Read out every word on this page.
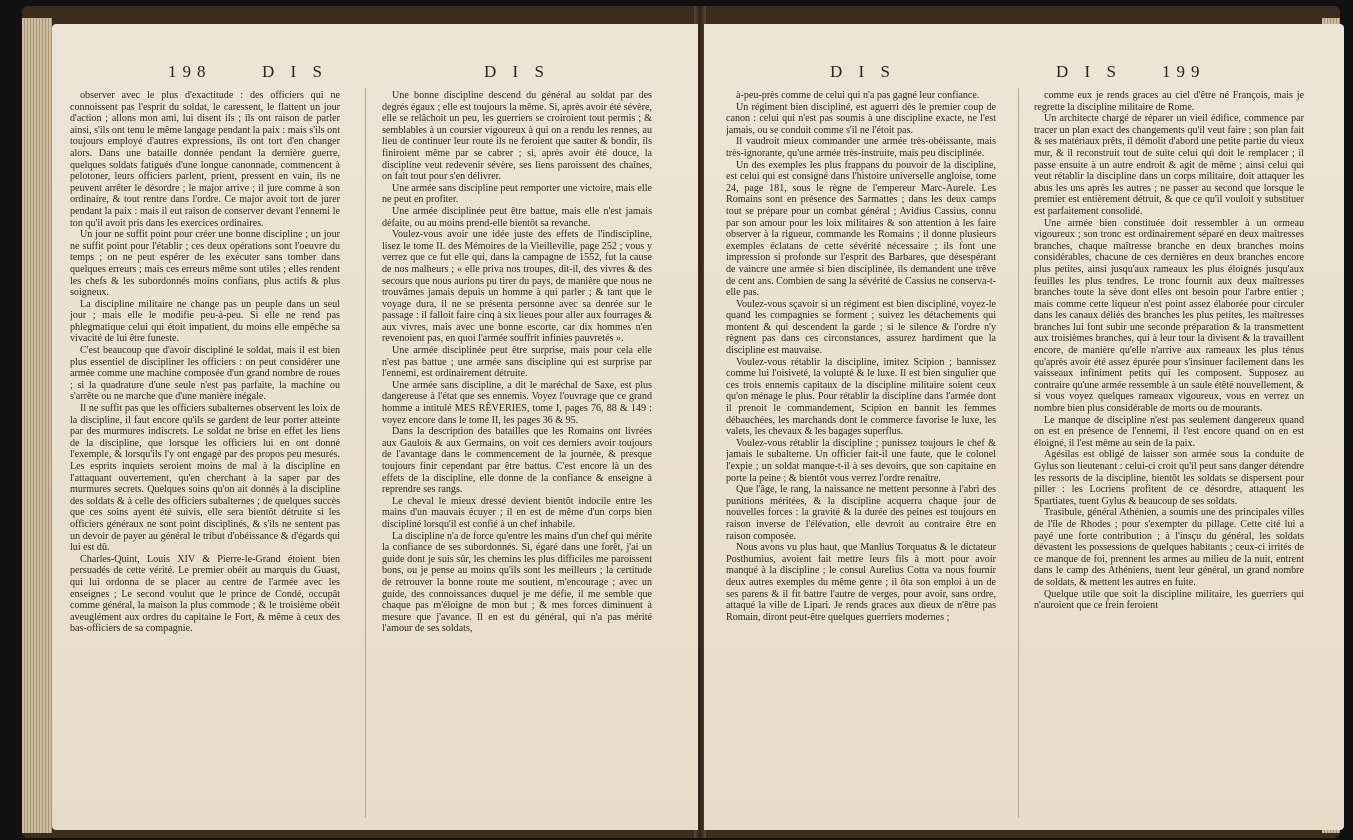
198	D I S	D I S

observer avec le plus d'exactitude : des officiers qui ne connoissent pas l'esprit du soldat, le caressent, le flattent un jour d'action ; allons mon ami, lui disent ils ; ils ont raison de parler ainsi, s'ils ont tenu le même langage pendant la paix : mais s'ils ont toujours employé d'autres expressions, ils ont tort d'en changer alors. Dans une bataille donnée pendant la dernière guerre, quelques soldats fatigués d'une longue canonnade, commencent à pelotoner, leurs officiers parlent, prient, pressent en vain, ils ne peuvent arrêter le désordre ; le major arrive ; il jure comme à son ordinaire, & tout rentre dans l'ordre. Ce major avoit tort de jurer pendant la paix : mais il eut raison de conserver devant l'ennemi le ton qu'il avoit pris dans les exercices ordinaires.

Un jour ne suffit point pour créer une bonne discipline ; un jour ne suffit point pour l'établir ; ces deux opérations sont l'oeuvre du temps ; on ne peut espérer de les exécuter sans tomber dans quelques erreurs ; mais ces erreurs même sont utiles ; elles rendent les chefs & les subordonnés moins confians, plus actifs & plus soigneux.

La discipline militaire ne change pas un peuple dans un seul jour ; mais elle le modifie peu-à-peu. Si elle ne rend pas phlegmatique celui qui étoit impatient, du moins elle empêche sa vivacité de lui être funeste.

C'est beaucoup que d'avoir discipliné le soldat, mais il est bien plus essentiel de discipliner les officiers : on peut considérer une armée comme une machine composée d'un grand nombre de roues ; si la quadrature d'une seule n'est pas parfaite, la machine ou s'arrête ou ne marche que d'une manière inégale.

Il ne suffit pas que les officiers subalternes observent les loix de la discipline, il faut encore qu'ils se gardent de leur porter atteinte par des murmures indiscrets. Le soldat ne brise en effet les liens de la discipline, que lorsque les officiers lui en ont donné l'exemple, & lorsqu'ils l'y ont engagé par des propos peu mesurés. Les esprits inquiets seroient moins de mal à la discipline en l'attaquant ouvertement, qu'en cherchant à la saper par des murmures secrets. Quelques soins qu'on ait donnés à la discipline des soldats & à celle des officiers subalternes ; de quelques succès que ces soins ayent été suivis, elle sera bientôt détruite si les officiers généraux ne sont point disciplinés, & s'ils ne sentent pas un devoir de payer au général le tribut d'obéissance & d'égards qui lui est dû.

Charles-Quint, Louis XIV & Pierre-le-Grand étoient bien persuadés de cette vérité. Le premier obéit au marquis du Guast, qui lui ordonna de se placer au centre de l'armée avec les enseignes ; Le second voulut que le prince de Condé, occupât comme général, la maison la plus commode ; & le troisième obéit aveuglément aux ordres du capitaine le Fort, & même à ceux des bas-officiers de sa compagnie.

Une bonne discipline descend du général au soldat par des degrés égaux ; elle est toujours la même. Si, après avoir été sévère, elle se relâchoit un peu, les guerriers se croiroient tout permis ; & semblables à un coursier vigoureux à qui on a rendu les rennes, au lieu de continuer leur route ils ne feroient que sauter & bondir, ils finiroient même par se cabrer ; si, après avoir été douce, la discipline veut redevenir sévère, ses liens paroissent des chaînes, on fait tout pour s'en délivrer.

Une armée sans discipline peut remporter une victoire, mais elle ne peut en profiter.

Une armée disciplinée peut être battue, mais elle n'est jamais défaite, ou au moins prend-elle bientôt sa revanche.

Voulez-vous avoir une idée juste des effets de l'indiscipline, lisez le tome II. des Mémoires de la Vieilleville, page 252 ; vous y verrez que ce fut elle qui, dans la campagne de 1552, fut la cause de nos malheurs ; « elle priva nos troupes, dit-il, des vivres & des secours que nous aurions pu tirer du pays, de manière que nous ne trouvâmes jamais depuis un homme à qui parler ; & tant que le voyage dura, il ne se présenta personne avec sa denrée sur le passage : il falloit faire cinq à six lieues pour aller aux fourrages & aux vivres, mais avec une bonne escorte, car dix hommes n'en revenoient pas, en quoi l'armée souffrit infinies pauvretés ».

Une armée disciplinée peut être surprise, mais pour cela elle n'est pas battue ; une armée sans discipline qui est surprise par l'ennemi, est ordinairement détruite.

Une armée sans discipline, a dit le maréchal de Saxe, est plus dangereuse à l'état que ses ennemis. Voyez l'ouvrage que ce grand homme a intitulé MES RÊVERIES, tome I, pages 76, 88 & 149 : voyez encore dans le tome II, les pages 36 & 95.

Dans la description des batailles que les Romains ont livrées aux Gaulois & aux Germains, on voit ces derniers avoir toujours de l'avantage dans le commencement de la journée, & presque toujours finir cependant par être battus. C'est encore là un des effets de la discipline, elle donne de la confiance & enseigne à reprendre ses rangs.

Le cheval le mieux dressé devient bientôt indocile entre les mains d'un mauvais écuyer ; il en est de même d'un corps bien discipliné lorsqu'il est confié à un chef inhabile.

La discipline n'a de force qu'entre les mains d'un chef qui mérite la confiance de ses subordonnés. Si, égaré dans une forêt, j'ai un guide dont je suis sûr, les chemins les plus difficiles me paroissent bons, ou je pense au moins qu'ils sont les meilleurs ; la certitude de retrouver la bonne route me soutient, m'encourage ; avec un guide, des connoissances duquel je me défie, il me semble que chaque pas m'éloigne de mon but ; & mes forces diminuent à mesure que j'avance. Il en est du général, qui n'a pas mérité l'amour de ses soldats,

D I S	D I S 199

à-peu-près comme de celui qui n'a pas gagné leur confiance.

Un régiment bien discipliné, est aguerri dès le premier coup de canon : celui qui n'est pas soumis à une discipline exacte, ne l'est jamais, ou se conduit comme s'il ne l'étoit pas.

Il vaudroit mieux commander une armée très-obéissante, mais très-ignorante, qu'une armée très-instruite, mais peu disciplinée.

Un des exemples les plus frappans du pouvoir de la discipline, est celui qui est consigné dans l'histoire universelle angloise, tome 24, page 181, sous le règne de l'empereur Marc-Aurele. Les Romains sont en présence des Sarmattes ; dans les deux camps tout se prépare pour un combat général ; Avidius Cassius, connu par son amour pour les loix militaires & son attention à les faire observer à la rigueur, commande les Romains ; il donne plusieurs exemples éclatans de cette sévérité nécessaire ; ils font une impression si profonde sur l'esprit des Barbares, que désespérant de vaincre une armée si bien disciplinée, ils demandent une trêve de cent ans. Combien de sang la sévérité de Cassius ne conserva-t-elle pas.

Voulez-vous sçavoir si un régiment est bien discipliné, voyez-le quand les compagnies se forment ; suivez les détachements qui montent & qui descendent la garde ; si le silence & l'ordre n'y règnent pas dans ces circonstances, assurez hardiment que la discipline est mauvaise.

Voulez-vous rétablir la discipline, imitez Scipion ; bannissez comme lui l'oisiveté, la volupté & le luxe. Il est bien singulier que ces trois ennemis capitaux de la discipline militaire soient ceux qu'on ménage le plus. Pour rétablir la discipline dans l'armée dont il prenoit le commandement, Scipion en bannit les femmes débauchées, les marchands dont le commerce favorise le luxe, les valets, les chevaux & les bagages superflus.

Voulez-vous rétablir la discipline ; punissez toujours le chef & jamais le subalterne. Un officier fait-il une faute, que le colonel l'expie ; un soldat manque-t-il à ses devoirs, que son capitaine en porte la peine ; & bientôt vous verrez l'ordre renaître.

Que l'âge, le rang, la naissance ne mettent personne à l'abri des punitions méritées, & la discipline acquerra chaque jour de nouvelles forces : la gravité & la durée des peines est toujours en raison inverse de l'élévation, elle devroit au contraire être en raison composée.

Nous avons vu plus haut, que Manlius Torquatus & le dictateur Posthumius, avoient fait mettre leurs fils à mort pour avoir manqué à la discipline ; le consul Aurelius Cotta va nous fournir deux autres exemples du même genre ; il ôta son emploi à un de ses parens & il fit battre l'autre de verges, pour avoir, sans ordre, attaqué la ville de Lipari. Je rends graces aux dieux de n'être pas Romain, diront peut-être quelques guerriers modernes ;

comme eux je rends graces au ciel d'être né François, mais je regrette la discipline militaire de Rome.

Un architecte chargé de réparer un vieil édifice, commence par tracer un plan exact des changements qu'il veut faire ; son plan fait & ses matériaux prêts, il démolit d'abord une petite partie du vieux mur, & il reconstruit tout de suite celui qui doit le remplacer ; il passe ensuite à un autre endroit & agit de même ; ainsi celui qui veut rétablir la discipline dans un corps militaire, doit attaquer les abus les uns après les autres ; ne passer au second que lorsque le premier est entièrement détruit, & que ce qu'il vouloit y substituer est parfaitement consolidé.

Une armée bien constituée doit ressembler à un ormeau vigoureux ; son tronc est ordinairement séparé en deux maîtresses branches, chaque maîtresse branche en deux branches moins considérables, chacune de ces dernières en deux branches encore plus petites, ainsi jusqu'aux rameaux les plus éloignés jusqu'aux feuilles les plus tendres. Le tronc fournit aux deux maîtresses branches toute la sève dont elles ont besoin pour l'arbre entier ; mais comme cette liqueur n'est point assez élaborée pour circuler dans les canaux déliés des branches les plus petites, les maîtresses branches lui font subir une seconde préparation & la transmettent aux troisièmes branches, qui à leur tour la divisent & la travaillent encore, de manière qu'elle n'arrive aux rameaux les plus ténus qu'après avoir été assez épurée pour s'insinuer facilement dans les vaisseaux infiniment petits qui les composent. Supposez au contraire qu'une armée ressemble à un saule étêté nouvellement, & si vous voyez quelques rameaux vigoureux, vous en verrez un nombre bien plus considérable de morts ou de mourants.

Le manque de discipline n'est pas seulement dangereux quand on est en présence de l'ennemi, il l'est encore quand on en est éloigné, il l'est même au sein de la paix.

Agésilas est obligé de laisser son armée sous la conduite de Gylus son lieutenant : celui-ci croit qu'il peut sans danger détendre les ressorts de la discipline, bientôt les soldats se dispersent pour piller : les Locriens profitent de ce désordre, attaquent les Spartiates, tuent Gylus & beaucoup de ses soldats.

Trasibule, général Athénien, a soumis une des principales villes de l'île de Rhodes ; pour s'exempter du pillage. Cette cité lui a payé une forte contribution ; à l'insçu du général, les soldats dévastent les possessions de quelques habitants ; ceux-ci irrités de ce manque de foi, prennent les armes au milieu de la nuit, entrent dans le camp des Athéniens, tuent leur général, un grand nombre de soldats, & mettent les autres en fuite.

Quelque utile que soit la discipline militaire, les guerriers qui n'auroient que ce frein feroient
